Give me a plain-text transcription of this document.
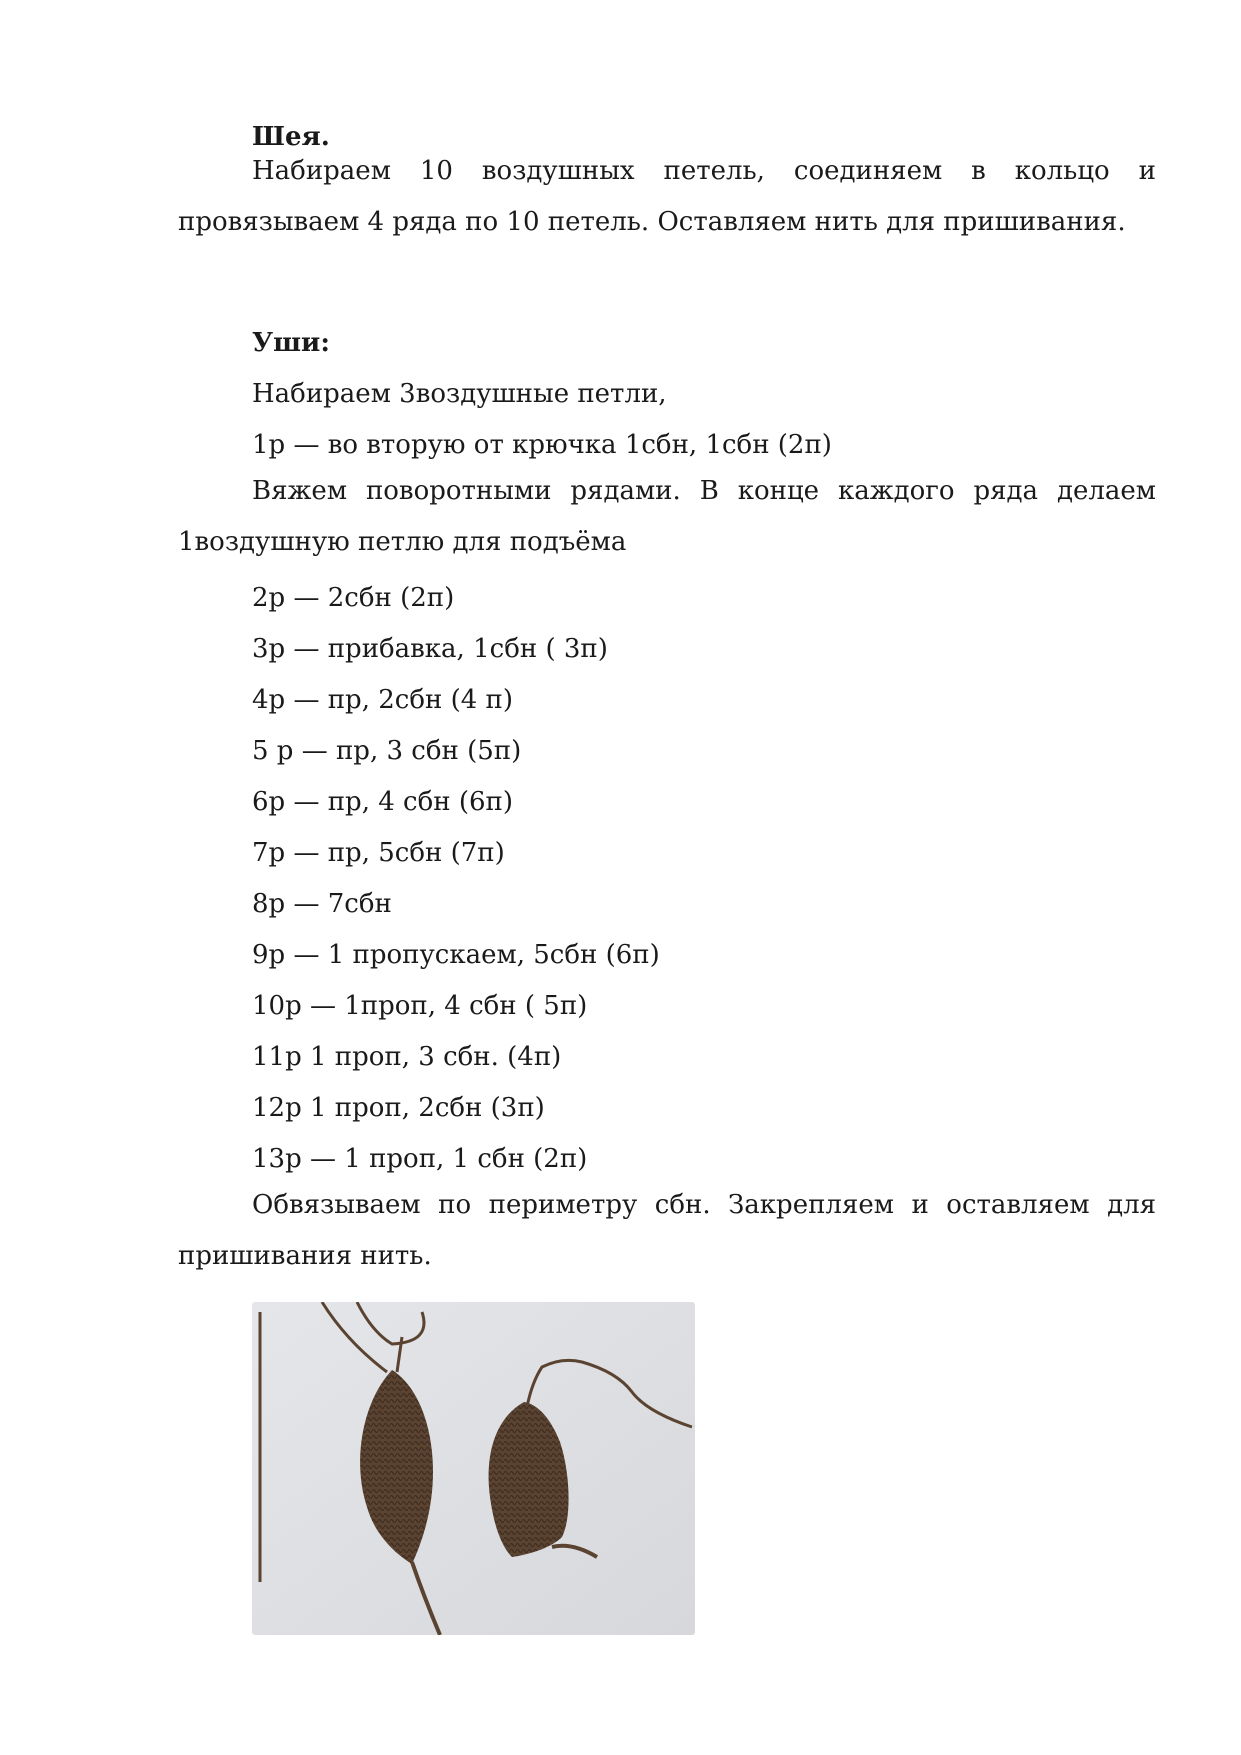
Шея.

Набираем 10 воздушных петель, соединяем в кольцо и провязываем 4 ряда по 10 петель. Оставляем нить для пришивания.

Уши:
Набираем 3воздушные петли,
1р — во вторую от крючка 1сбн, 1сбн (2п)

Вяжем поворотными рядами. В конце каждого ряда делаем 1воздушную петлю для подъёма

2р — 2сбн (2п)
3р — прибавка, 1сбн ( 3п)
4р — пр, 2сбн (4 п)
5 р — пр, 3 сбн (5п)
6р — пр, 4 сбн (6п)
7р — пр, 5сбн (7п)
8р — 7сбн
9р — 1 пропускаем, 5сбн (6п)
10р — 1проп, 4 сбн ( 5п)
11р 1 проп, 3 сбн. (4п)
12р 1 проп, 2сбн (3п)
13р — 1 проп, 1 сбн (2п)

Обвязываем по периметру сбн. Закрепляем и оставляем для пришивания нить.
